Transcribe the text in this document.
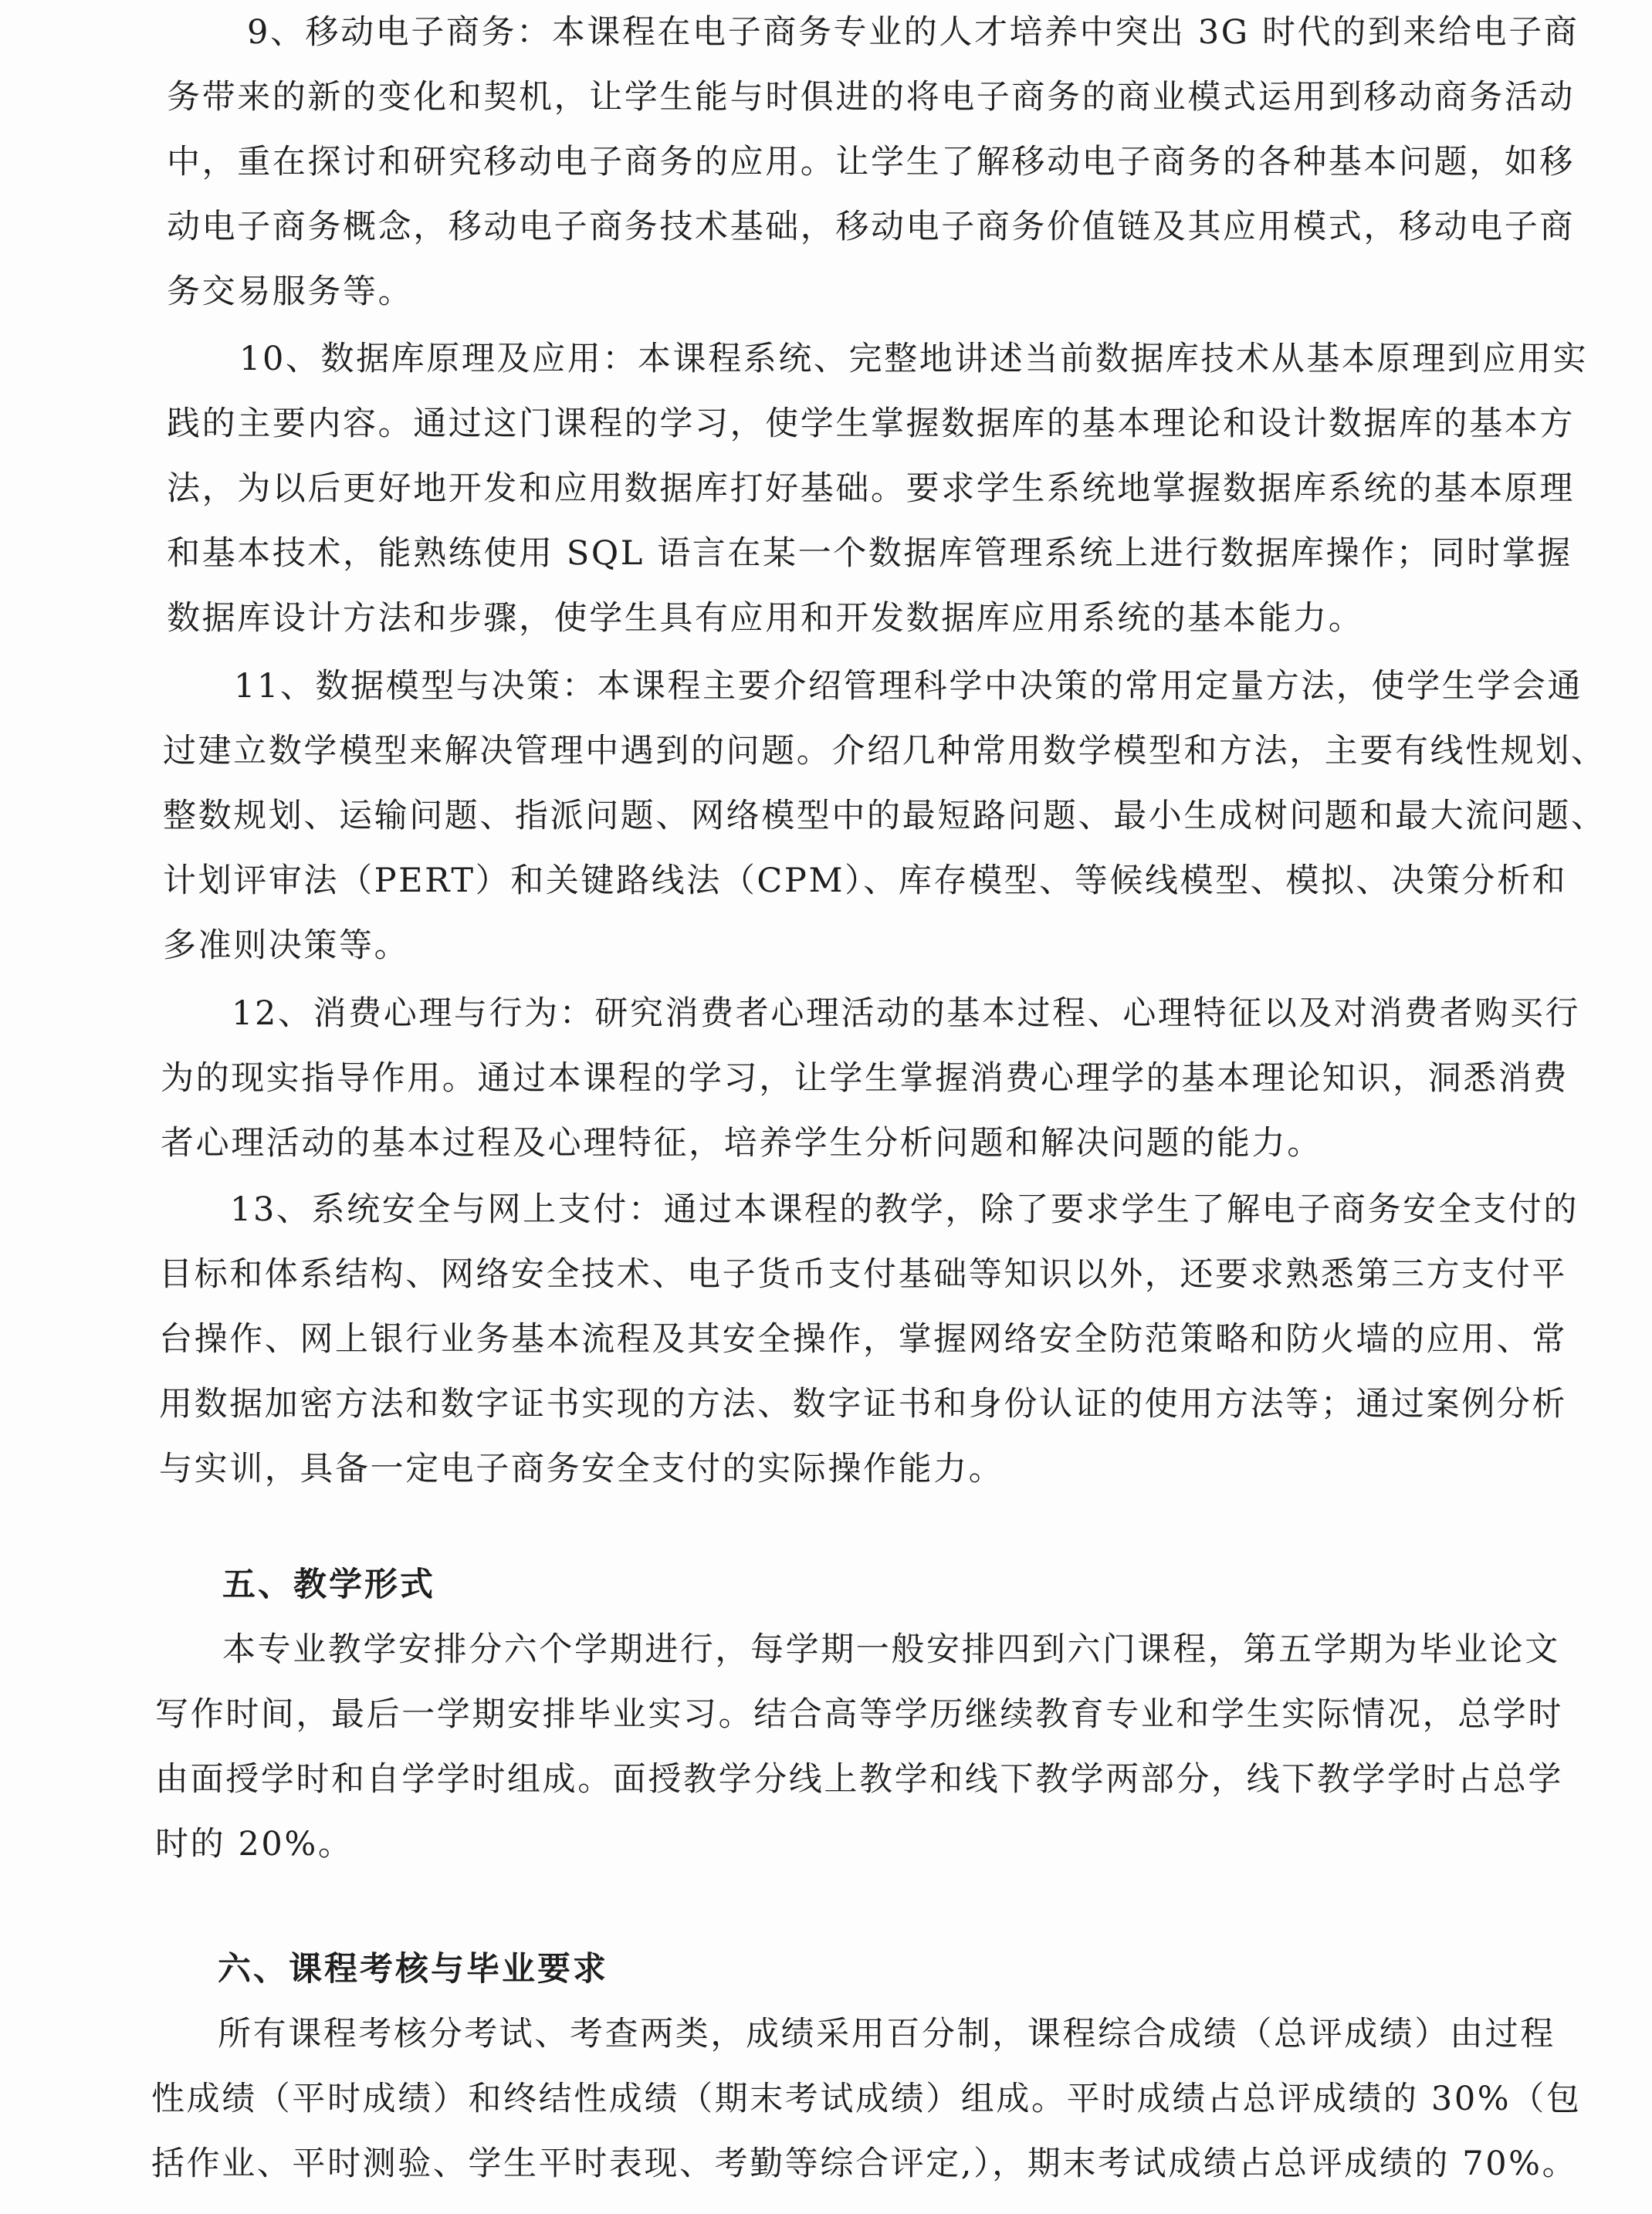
9、移动电子商务：本课程在电子商务专业的人才培养中突出 3G 时代的到来给电子商
务带来的新的变化和契机，让学生能与时俱进的将电子商务的商业模式运用到移动商务活动
中，重在探讨和研究移动电子商务的应用。让学生了解移动电子商务的各种基本问题，如移
动电子商务概念，移动电子商务技术基础，移动电子商务价值链及其应用模式，移动电子商
务交易服务等。
10、数据库原理及应用：本课程系统、完整地讲述当前数据库技术从基本原理到应用实
践的主要内容。通过这门课程的学习，使学生掌握数据库的基本理论和设计数据库的基本方
法，为以后更好地开发和应用数据库打好基础。要求学生系统地掌握数据库系统的基本原理
和基本技术，能熟练使用 SQL 语言在某一个数据库管理系统上进行数据库操作；同时掌握
数据库设计方法和步骤，使学生具有应用和开发数据库应用系统的基本能力。
11、数据模型与决策：本课程主要介绍管理科学中决策的常用定量方法，使学生学会通
过建立数学模型来解决管理中遇到的问题。介绍几种常用数学模型和方法，主要有线性规划、
整数规划、运输问题、指派问题、网络模型中的最短路问题、最小生成树问题和最大流问题、
计划评审法（PERT）和关键路线法（CPM）、库存模型、等候线模型、模拟、决策分析和
多准则决策等。
12、消费心理与行为：研究消费者心理活动的基本过程、心理特征以及对消费者购买行
为的现实指导作用。通过本课程的学习，让学生掌握消费心理学的基本理论知识，洞悉消费
者心理活动的基本过程及心理特征，培养学生分析问题和解决问题的能力。
13、系统安全与网上支付：通过本课程的教学，除了要求学生了解电子商务安全支付的
目标和体系结构、网络安全技术、电子货币支付基础等知识以外，还要求熟悉第三方支付平
台操作、网上银行业务基本流程及其安全操作，掌握网络安全防范策略和防火墙的应用、常
用数据加密方法和数字证书实现的方法、数字证书和身份认证的使用方法等；通过案例分析
与实训，具备一定电子商务安全支付的实际操作能力。
五、教学形式
本专业教学安排分六个学期进行，每学期一般安排四到六门课程，第五学期为毕业论文
写作时间，最后一学期安排毕业实习。结合高等学历继续教育专业和学生实际情况，总学时
由面授学时和自学学时组成。面授教学分线上教学和线下教学两部分，线下教学学时占总学
时的 20%。
六、课程考核与毕业要求
所有课程考核分考试、考查两类，成绩采用百分制，课程综合成绩（总评成绩）由过程
性成绩（平时成绩）和终结性成绩（期末考试成绩）组成。平时成绩占总评成绩的 30%（包
括作业、平时测验、学生平时表现、考勤等综合评定,），期末考试成绩占总评成绩的 70%。
